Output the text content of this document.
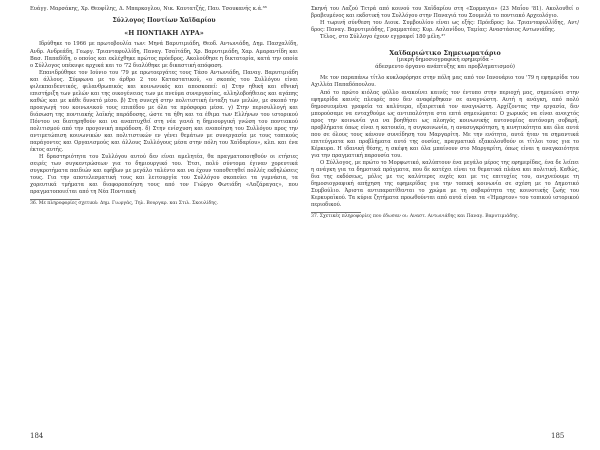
Ευάγγ. Μαρσάκης, Χρ. Θεοφίλης, Δ. Μπαρκογλου, Νικ. Καυτατζής, Παυ. Τσουκανής κ.ά.³⁶

Σύλλογος Ποντίων Χαϊδαρίου
«Η ΠΟΝΤΙΑΚΗ ΛΥΡΑ»

Ιδρύθηκε το 1966 με πρωτοβουλία των: Μηνά Βαρυτιμιάδη, Θεοδ. Αντωνιάδη, Δημ. Πασχαλίδη, Ανδρ. Ανδρεάδη, Γεωργ. Τριανταφυλλίδη, Παναγ. Τσαϊτάδη, Χρ. Βαρυτιμιάδη, Χαρ. Αμαραντίδη και Βασ. Παπαδίδη, ο οποίος και εκλέχθηκε πρώτος πρόεδρος. Ακολούθησε η δικτατορία, κατά την οποία ο Σύλλογος υπέκυψε αρχικά και το '72 διαλύθηκε με δικαστική απόφαση.

Επανιδρύθηκε τον Ιούνιο του '79 με πρωτοεργάτες τους Τάσο Αντωνιάδη, Παναγ. Βαρυτιμιάδη και άλλους. Σύμφωνα με το άρθρο 2 του Καταστατικού, «ο σκοπός του Συλλόγου είναι φιλεκπαιδευτικός, φιλανθρωπικός και κοινωνικός και αποσκοπεί: α) Στην ηθική και εθνική επιστήριξη των μελών και της οικογένειας των με πνεύμα συνεργασίας, αλληλοβοήθειας και αγάπης καθώς και με κάθε δυνατό μέσο. β) Στη συνεχή στην πολιτιστική ένταξη των μελών, με σκοπό την προαγωγή του κοινωνικού τους επιπέδου με όλα τα πρόσφορα μέσα. γ) Στην περισυλλογή και διάσωση της ποντιακής λαϊκής παράδοσης, ώστε τα ήθη και τα έθιμα των Ελλήνων του ιστορικού Πόντου να διατηρηθούν και να αναπτυχθεί στη νέα γενιά η δημιουργική γνώση του ποντιακού πολιτισμού από την προγονική παράδοση. δ) Στην ενίσχυση και ενοποίηση του Συλλόγου προς την αντιμετώπιση κοινωνικών και πολιτιστικών εν γένει θεμάτων με συνεργασία με τους τοπικούς παράγοντες και Οργανισμούς και άλλους Συλλόγους μέσα στην πόλη του Χαϊδαρίου», κλπ. και ένα έκτος αυτής.

Η δραστηριότητα του Συλλόγου αυτού δεν είναι αμελητέα, θα πραγματοποιηθούν οι ετήσιες σειρές των συγκεντρώσεων για το δημιουργικό του. Έτσι, πολύ σύντομα έγιναν χορευτικά συγκροτήματα παιδιών και εφήβων με μεγάλο ταλέντο και να έχουν τοποθετηθεί πολλές εκδηλώσεις τους. Για την αποτελεσματική τους και λειτουργία του Συλλόγου σκοπεύει τα γυμνάσια, τα χορευτικά τμήματα και διαφοροποίηση τους από τον Γιώργο Φωτιάδη «Λαζάραγας», που πραγματοποιείται από τη Νέα Ποντιακή

36. Με πληροφορίες σχετικά: Δημ. Γιωργάς, Τηλ. Βουργαρ. και Στιλ. Σκουλίδης.

Σκηνή του Λαζού Τετρά από κοινού του Χαϊδαρίου στη «Σορμαγια» (23 Μαΐου '81). Ακολουθεί ο βραβευμένος και εκδοτική του Συλλόγου στην Παναγιά του Σουμελά το ποντιακό Αρχεολόγιο.

Η τωρινή σύνθεση του Διοικ. Συμβουλίου είναι ως εξής: Πρόεδρος: Ιω. Τριανταφυλλίδης, Αντ/δρος: Παναγ. Βαρυτιμιάδης, Γραμματέας: Κυρ. Ασλανίδου, Ταμίας: Αναστάσιος Αντωνιάδης.

Τέλος, στο Σύλλογο έχουν εγγραφεί 180 μέλη.³⁷

Χαϊδαριώτικο Σημειωματάριο
(μικρή δημοσιογραφική εφημερίδα –
άδεσμευτο όργανο ανάπτυξης και προβληματισμού)

Με τον παραπάνω τίτλο κυκλοφόρησε στην πόλη μας από τον Ιανουάριο του '79 η εφημερίδα του Αχιλλέα Παπαδόπουλου.

Από το πρώτο κιόλας φύλλο ανακοίνει καινές τον έντυπο στην περιοχή μας, σημειώνει στην εφημερίδα καινές πλευρές που δεν αναφέρθηκαν σε αναγνώστη. Αυτή η ανάγκη, από πολύ δημοσιευμένα γραφεία τα καλύτερα, εξαιρετικά τον αναγνώστη. Αρχίζοντας την εργασία, δεν μπορούσαμε να ενταχθούμε ως αντιπαλότητα στα επτά σημειώματα: Ο χωρικός να είναι ανοιχτός προς την κοινωνία για να βοηθήσει ως πλοηγός κοινωνικής αυτονομίας αυτόνομη σοβαρή, προβλήματα όπως είναι η κατοικία, η συγκοινωνία, η ανασυγκρότηση, η κινητικότητα και όλα αυτά που σε όλους τους κάνουν συνείδηση του Μαργαρίτη. Με την ενότητα, αυτά ήταν τα σημαντικά επιτεύγματα και προβλήματα αυτό της ουσίας, πραγματικά εξακολουθούν οι τίτλοι τους για το Κέρκυρα. Η ιδανική θέσης, η σκέψη και όλα μπαίνουν στο Μαργαρίτη, όπως είναι η αναγκαιότητα για την πραγματική παρουσία του.

Ο Σύλλογος, με πρώτο το Μορφωτικό, καλύπτουν ένα μεγάλο μέρος της εφημερίδας, ένα δε λείπει η ανάγκη για τα δημοτικά πράγματα, που δε κατέχει είναι τα θεματικά πλάνα και πολιτική. Καθώς, δια της εκδόσεως, μόλις με τις καλύτερες ευχές και με τις επιτυχίες του, ανιχνεύουμε τη δημοσιογραφική απήχηση της εφημερίδας για την τοπική κοινωνία σε σχέση με το Δημοτικό Συμβούλιο. Άριστα αντιπαρατίθενται το χρώμα με τη σοβαρότητα της κοινοτικής ζωής του Κερκυραϊκού. Τα κύρια ζητήματα προωθούνται από αυτά είναι τα «Ήμαρτον» του τοπικού ιστορικού περιοδικού.

37. Σχετικές πληροφορίες που έδωσαν οι: Αναστ. Αντωνιάδης και Παναγ. Βαρυτιμιάδης.

184	185
